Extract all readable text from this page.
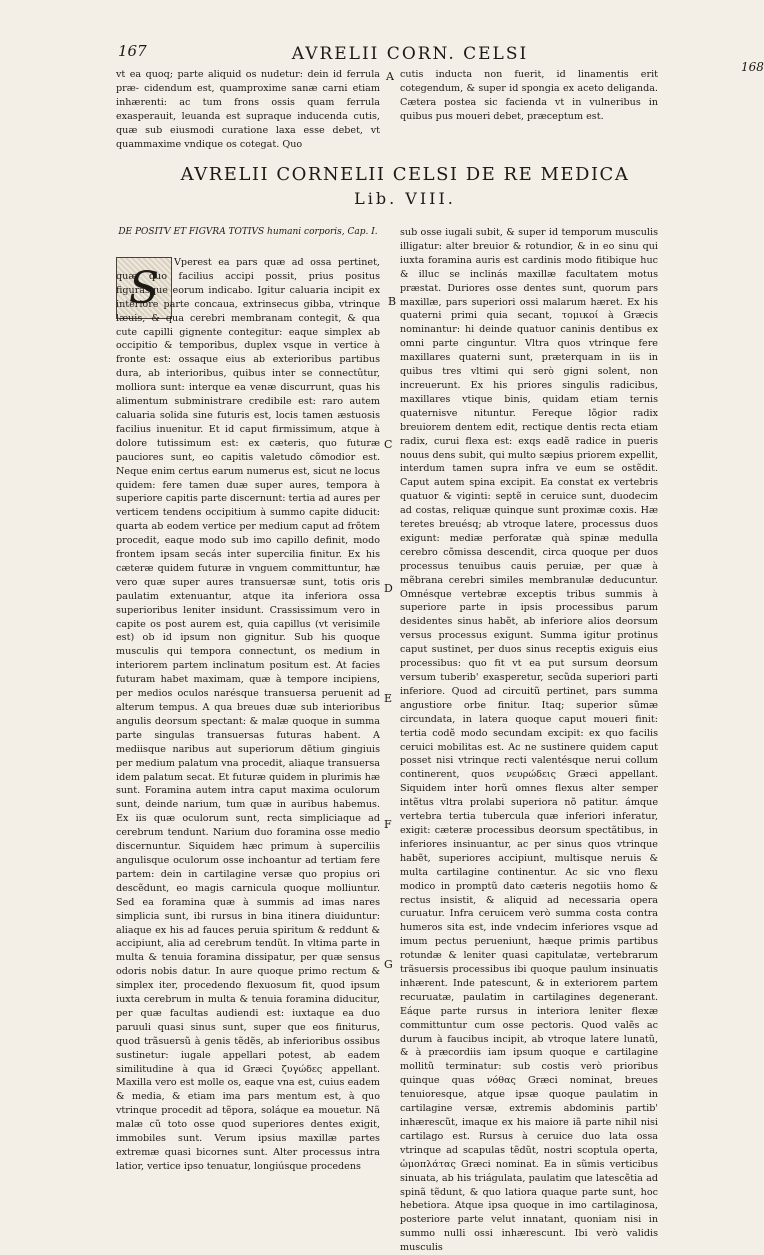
167	AVRELII CORN. CELSI
168
vt ea quoq; parte aliquid os nudetur: dein id ferrula præ- cidendum est, quamproxime sanæ carni etiam inhærenti: ac tum frons ossis quam ferrula exasperauit, leuanda est supraque inducenda cutis, quæ sub eiusmodi curatione laxa esse debet, vt quammaxime vndique os cotegat. Quo
cutis inducta non fuerit, id linamentis erit cotegendum, & super id spongia ex aceto deliganda. Cætera postea sic facienda vt in vulneribus in quibus pus moueri debet, præceptum est.
A
AVRELII CORNELII CELSI DE RE MEDICA
Lib. VIII.
DE POSITV ET FIGVRA TOTIVS humani corporis, Cap. I.
S	Vperest ea pars quæ ad ossa pertinet, quæ quo facilius accipi possit, prius positus figurasque eorum indicabo. Igitur caluaria incipit ex interiore parte concaua, extrinsecus gibba, vtrinque læuis, & qua cerebri membranam contegit, & qua cute capilli gignente contegitur: eaque simplex ab occipitio & temporibus, duplex vsque in vertice à fronte est: ossaque eius ab exterioribus partibus dura, ab interioribus, quibus inter se connectûtur, molliora sunt: interque ea venæ discurrunt, quas his alimentum subministrare credibile est: raro autem caluaria solida sine futuris est, locis tamen æstuosis facilius inuenitur. Et id caput firmissimum, atque à dolore tutissimum est: ex cæteris, quo futuræ pauciores sunt, eo capitis valetudo cõmodior est. Neque enim certus earum numerus est, sicut ne locus quidem: fere tamen duæ super aures, tempora à superiore capitis parte discernunt: tertia ad aures per verticem tendens occipitium à summo capite diducit: quarta ab eodem vertice per medium caput ad frõtem procedit, eaque modo sub imo capillo definit, modo frontem ipsam secás inter supercilia finitur. Ex his cæteræ quidem futuræ in vnguem committuntur, hæ vero quæ super aures transuersæ sunt, totis oris paulatim extenuantur, atque ita inferiora ossa superioribus leniter insidunt. Crassissimum vero in capite os post aurem est, quia capillus (vt verisimile est) ob id ipsum non gignitur. Sub his quoque musculis qui temporа connectunt, os medium in interiorem partem inclinatum positum est. At facies futuram habet maximam, quæ à tempore incipiens, per medios oculos narésque transuersa peruenit ad alterum tempus. A qua breues duæ sub interioribus angulis deorsum spectant: & malæ quoque in summa parte singulas transuersas futuras habent. A mediisque naribus aut superiorum dẽtium gingiuis per medium palatum vna procedit, aliaque transuersa idem palatum secat. Et futuræ quidem in plurimis hæ sunt. Foramina autem intra caput maxima oculorum sunt, deinde narium, tum quæ in auribus habemus. Ex iis quæ oculorum sunt, recta simpliciaque ad cerebrum tendunt. Narium duo foramina osse medio discernuntur. Siquidem hæc primum à superciliis angulisque oculorum osse inchoantur ad tertiam fere partem: dein in cartilagine versæ quo propius ori descẽdunt, eo magis carnicula quoque molliuntur. Sed ea foramina quæ à summis ad imas nares simplicia sunt, ibi rursus in bina itinera diuiduntur: aliaque ex his ad fauces peruia spiritum & reddunt & accipiunt, alia ad cerebrum tendũt. In vltima parte in multa & tenuia foramina dissipatur, per quæ sensus odoris nobis datur. In aure quoque primo rectum & simplex iter, procedendo flexuosum fit, quod ipsum iuxta cerebrum in multa & tenuia foramina diducitur, per quæ facultas audiendi est: iuxtaque ea duo paruuli quasi sinus sunt, super que eos finiturus, quod trãsuersũ à genis tẽdẽs, ab inferioribus ossibus sustinetur: iugale appellari potest, ab eadem similitudine à qua id Græci ζυγώδες appellant. Maxilla vero est molle os, eaque vna est, cuius eadem & media, & etiam ima pars mentum est, à quo vtrinque procedit ad tẽpora, soláque ea mouetur. Nã malæ cũ toto osse quod superiores dentes exigit, immobiles sunt. Verum ipsius maxillæ partes extremæ quasi bicornes sunt. Alter processus intra latior, vertice ipso tenuatur, longiúsque procedens

sub osse iugali subit, & super id temporum musculis illigatur: alter breuior & rotundior, & in eo sinu qui iuxta foramina auris est cardinis modo fitibique huc & illuc se inclinás maxillæ facultatem motus præstat. Duriores osse dentes sunt, quorum pars maxillæ, pars superiori ossi malarum hæret. Ex his quaterni primi quia secant, τομικοί à Græcis nominantur: hi deinde quatuor caninis dentibus ex omni parte cinguntur. Vltra quos vtrinque fere maxillares quaterni sunt, præterquam in iis in quibus tres vltimi qui serò gigni solent, non increuerunt. Ex his priores singulis radicibus, maxillares vtique binis, quidam etiam ternis quaternisve nituntur. Fereque lõgior radix breuiorem dentem edit, rectique dentis recta etiam radix, curui flexa est: exqs eadẽ radice in pueris nouus dens subit, qui multo sæpius priorem expellit, interdum tamen supra infra ve eum se ostẽdit. Caput autem spina excipit. Ea constat ex vertebris quatuor & viginti: septẽ in ceruice sunt, duodecim ad costas, reliquæ quinque sunt proximæ coxis. Hæ teretes breuésq; ab vtroque latere, processus duos exigunt: mediæ perforatæ quà spinæ medulla cerebro cõmissa descendit, circa quoque per duos processus tenuibus cauis peruiæ, per quæ à mẽbrana cerebri similes membranulæ deducuntur. Omnésque vertebræ exceptis tribus summis à superiore parte in ipsis processibus parum desidentes sinus habẽt, ab inferiore alios deorsum versus processus exigunt. Summa igitur protinus caput sustinet, per duos sinus receptis exiguis eius processibus: quo fit vt ea put sursum deorsum versum tuberib' exasperetur, secũda superiori parti inferiore. Quod ad circuitũ pertinet, pars summa angustiore orbe finitur. Itaq; superior sũmæ circundata, in latera quoque caput moueri finit: tertia codẽ modo secundam excipit: ex quo facilis ceruici mobilitas est. Ac ne sustinere quidem caput posset nisi vtrinque recti valentésque nerui collum continerent, quos νευρώδεις Græci appellant. Siquidem inter horũ omnes flexus alter semper intẽtus vltra prolabi superiora nõ patitur. ámque vertebra tertia tubercula quæ inferiori inferatur, exigit: cæteræ processibus deorsum spectãtibus, in inferiores insinuantur, ac per sinus quos vtrinque habẽt, superiores accipiunt, multisque neruis & multa cartilagine continentur. Ac sic vno flexu modico in promptũ dato cæteris negotiis homo & rectus insistit, & aliquid ad necessaria opera curuatur. Infra ceruicem verò summa costa contra humeros sita est, inde vndecim inferiores vsque ad imum pectus perueniunt, hæque primis partibus rotundæ & leniter quasi capitulatæ, vertebrarum trãsuersis processibus ibi quoque paulum insinuatis inhærent. Inde patescunt, & in exteriorem partem recuruatæ, paulatim in cartilagines degenerant. Eáque parte rursus in interiora leniter flexæ committuntur cum osse pectoris. Quod valẽs ac durum à faucibus incipit, ab vtroque latere lunatũ, & à præcordiis iam ipsum quoque e cartilagine mollitũ terminatur: sub costis verò prioribus quinque quas νόθας Græci nominat, breues tenuioresque, atque ipsæ quoque paulatim in cartilagine versæ, extremis abdominis partib' inhærescũt, imaque ex his maiore iã parte nihil nisi cartilago est. Rursus à ceruice duo lata ossa vtrinque ad scapulas tẽdũt, nostri scoptula operta, ὠμοπλάτας Græci nominat. Ea in sũmis verticibus sinuata, ab his triágulata, paulatim que latescẽtia ad spinã tẽdunt, & quo latiora quaque parte sunt, hoc hebetiora. Atque ipsa quoque in imo cartilaginosa, posteriore parte velut innatant, quoniam nisi in summo nulli ossi inhærescunt. Ibi verò validis musculis

B
C
D
E
F
G
